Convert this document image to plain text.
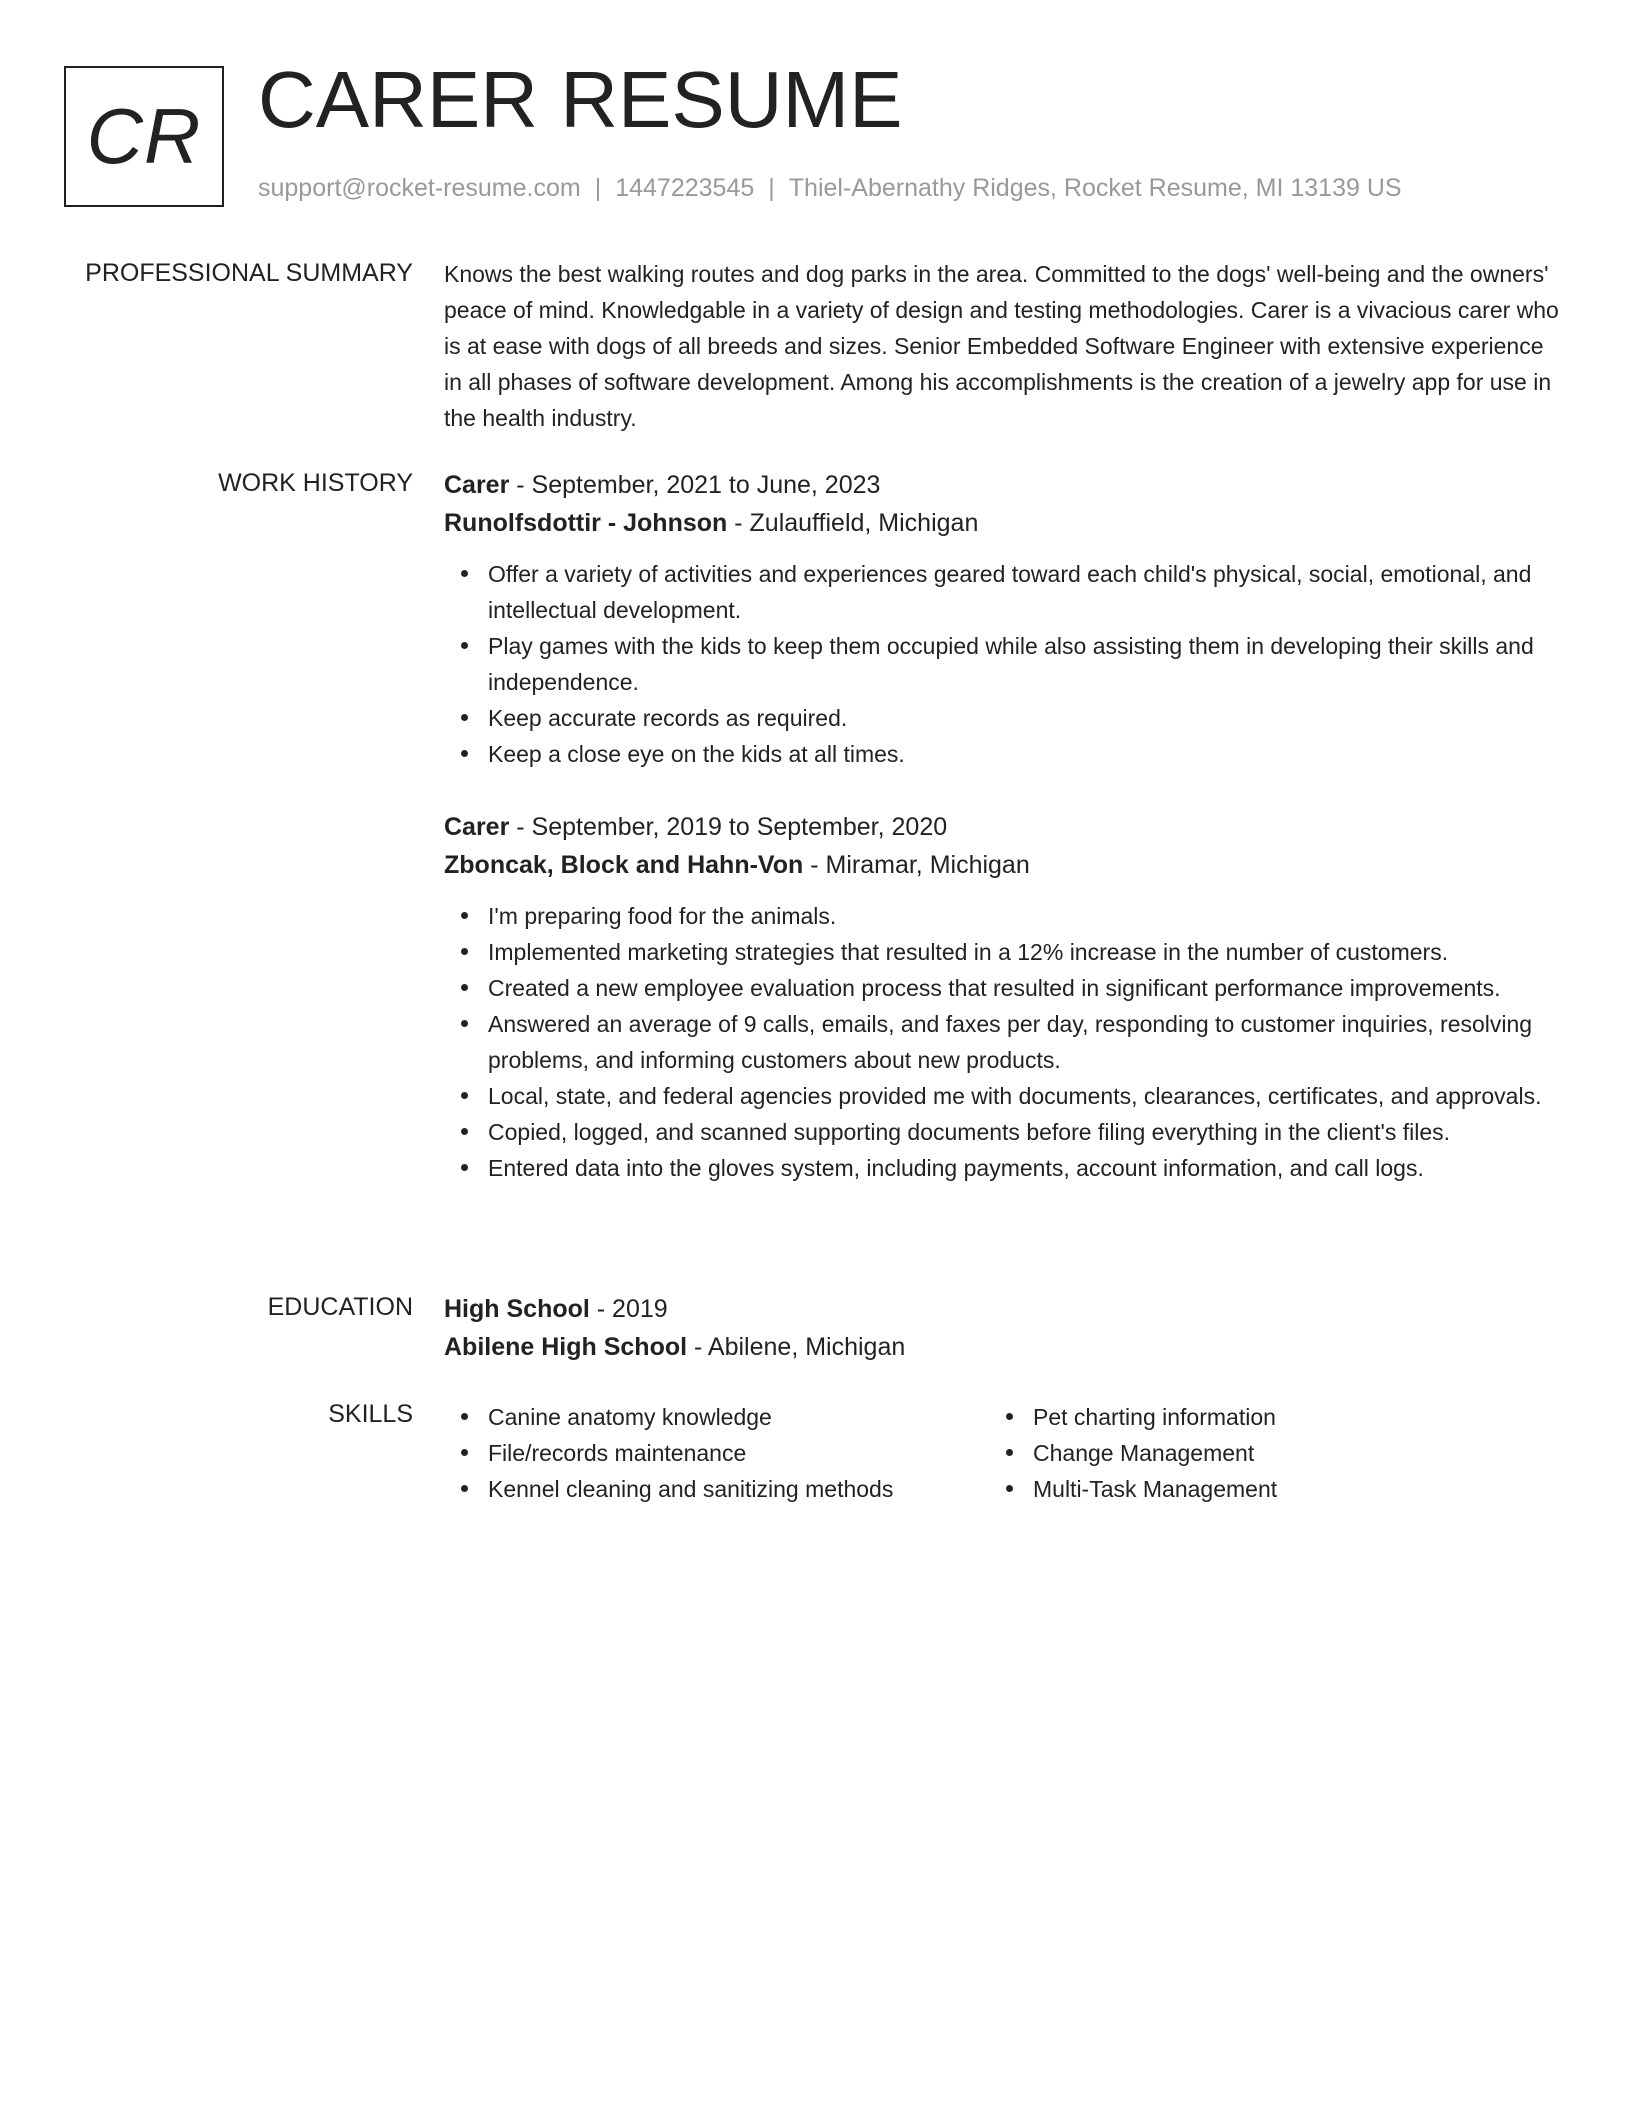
CR CARER RESUME
support@rocket-resume.com | 1447223545 | Thiel-Abernathy Ridges, Rocket Resume, MI 13139 US
PROFESSIONAL SUMMARY Knows the best walking routes and dog parks in the area. Committed to the dogs' well-being and the owners' peace of mind. Knowledgable in a variety of design and testing methodologies. Carer is a vivacious carer who is at ease with dogs of all breeds and sizes. Senior Embedded Software Engineer with extensive experience in all phases of software development. Among his accomplishments is the creation of a jewelry app for use in the health industry.

WORK HISTORY Carer - September, 2021 to June, 2023
Runolfsdottir - Johnson - Zulauffield, Michigan
Offer a variety of activities and experiences geared toward each child's physical, social, emotional, and intellectual development.
Play games with the kids to keep them occupied while also assisting them in developing their skills and independence.
Keep accurate records as required.
Keep a close eye on the kids at all times.
Carer - September, 2019 to September, 2020
Zboncak, Block and Hahn-Von - Miramar, Michigan
I'm preparing food for the animals.
Implemented marketing strategies that resulted in a 12% increase in the number of customers.
Created a new employee evaluation process that resulted in significant performance improvements.
Answered an average of 9 calls, emails, and faxes per day, responding to customer inquiries, resolving problems, and informing customers about new products.
Local, state, and federal agencies provided me with documents, clearances, certificates, and approvals.
Copied, logged, and scanned supporting documents before filing everything in the client's files.
Entered data into the gloves system, including payments, account information, and call logs.
EDUCATION High School - 2019
Abilene High School - Abilene, Michigan
SKILLS	Canine anatomy knowledge
File/records maintenance
Kennel cleaning and sanitizing methods
Pet charting information
Change Management
Multi-Task Management
